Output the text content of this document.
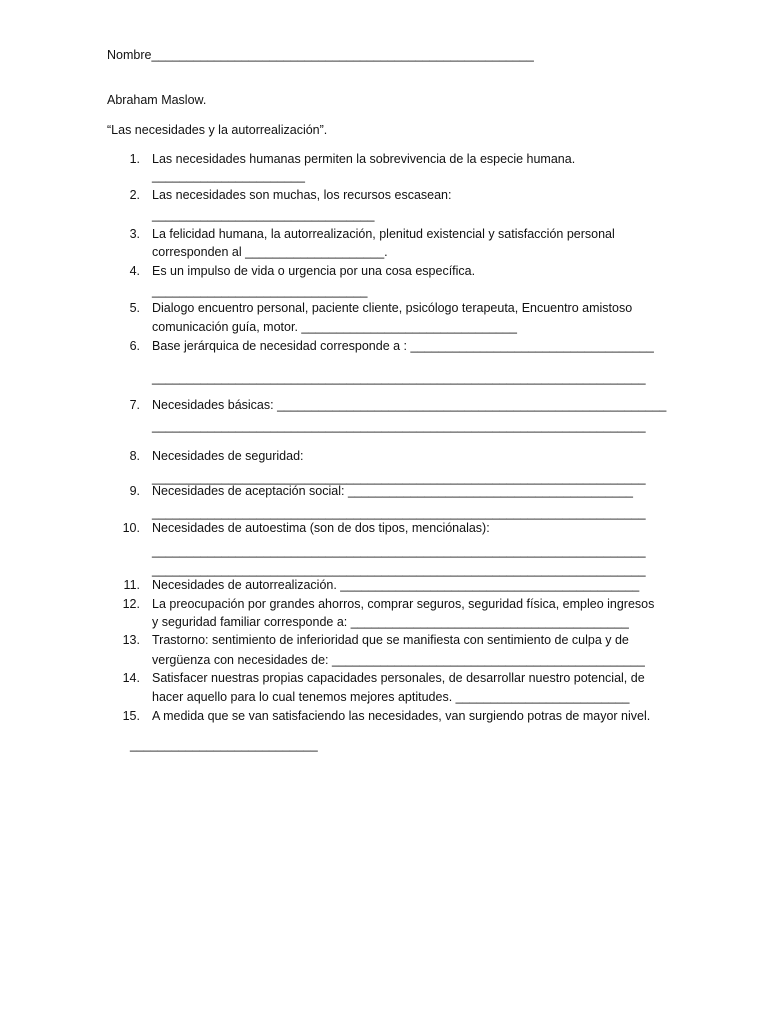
Nombre_______________________________________________________
Abraham Maslow.
“Las necesidades y la autorrealización”.
1. Las necesidades humanas permiten la sobrevivencia de la especie humana.
______________________
2. Las necesidades son muchas, los recursos escasean:
________________________________
3. La felicidad humana, la autorrealización, plenitud existencial y satisfacción personal
corresponden al ____________________.
4. Es un impulso de vida o urgencia por una cosa específica.
_______________________________
5. Dialogo encuentro personal, paciente cliente, psicólogo terapeuta, Encuentro amistoso
comunicación guía, motor. _______________________________
6. Base jerárquica de necesidad corresponde a : ___________________________________
_______________________________________________________________________
7. Necesidades básicas: ________________________________________________________
_______________________________________________________________________
8. Necesidades de seguridad:
_______________________________________________________________________
9. Necesidades de aceptación social: _________________________________________
_______________________________________________________________________
10. Necesidades de autoestima (son de dos tipos, menciónalas):
_______________________________________________________________________
_______________________________________________________________________
11. Necesidades de autorrealización. ___________________________________________
12. La preocupación por grandes ahorros, comprar seguros, seguridad física, empleo ingresos
y seguridad familiar corresponde a: ________________________________________
13. Trastorno: sentimiento de inferioridad que se manifiesta con sentimiento de culpa y de
vergüenza con necesidades de: _____________________________________________
14. Satisfacer nuestras propias capacidades personales, de desarrollar nuestro potencial, de
hacer aquello para lo cual tenemos mejores aptitudes. _________________________
15. A medida que se van satisfaciendo las necesidades, van surgiendo potras de mayor nivel.
___________________________
